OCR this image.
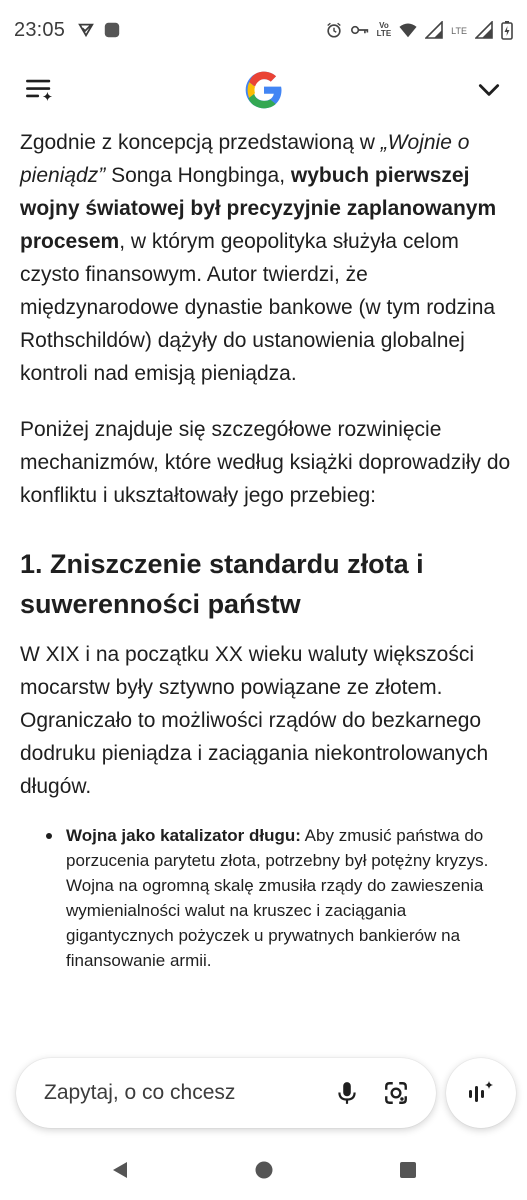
23:05	Vo
LTE	LTE

Zgodnie z koncepcją przedstawioną w „Wojnie o pieniądz” Songa Hongbinga, wybuch pierwszej wojny światowej był precyzyjnie zaplanowanym procesem, w którym geopolityka służyła celom czysto finansowym. Autor twierdzi, że międzynarodowe dynastie bankowe (w tym rodzina Rothschildów) dążyły do ustanowienia globalnej kontroli nad emisją pieniądza.

Poniżej znajduje się szczegółowe rozwinięcie mechanizmów, które według książki doprowadziły do konfliktu i ukształtowały jego przebieg:

1. Zniszczenie standardu złota i suwerenności państw

W XIX i na początku XX wieku waluty większości mocarstw były sztywno powiązane ze złotem. Ograniczało to możliwości rządów do bezkarnego dodruku pieniądza i zaciągania niekontrolowanych długów.

Wojna jako katalizator długu: Aby zmusić państwa do porzucenia parytetu złota, potrzebny był potężny kryzys. Wojna na ogromną skalę zmusiła rządy do zawieszenia wymienialności walut na kruszec i zaciągania gigantycznych pożyczek u prywatnych bankierów na finansowanie armii.
Zapytaj, o co chcesz
